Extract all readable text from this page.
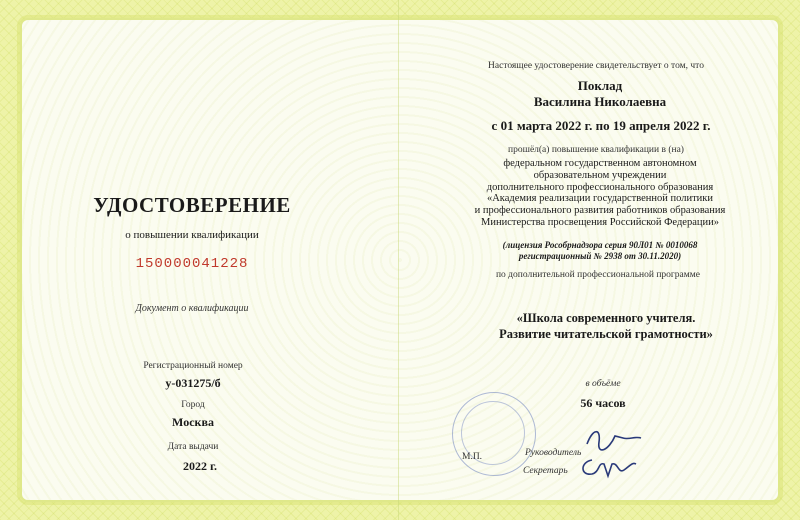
УДОСТОВЕРЕНИЕ
о повышении квалификации
150000041228
Документ о квалификации
Регистрационный номер
у-031275/б
Город
Москва
Дата выдачи
2022 г.
Настоящее удостоверение свидетельствует о том, что
Поклад
Василина Николаевна
с 01 марта 2022 г. по 19 апреля 2022 г.
прошёл(а) повышение квалификации в (на)
федеральном государственном автономном
образовательном учреждении
дополнительного профессионального образования
«Академия реализации государственной политики
и профессионального развития работников образования
Министерства просвещения Российской Федерации»
(лицензия Рособрнадзора серия 90Л01 № 0010068
регистрационный № 2938 от 30.11.2020)
по дополнительной профессиональной программе
«Школа современного учителя.
Развитие читательской грамотности»
в объёме
56 часов
М.П.	Руководитель
Секретарь
